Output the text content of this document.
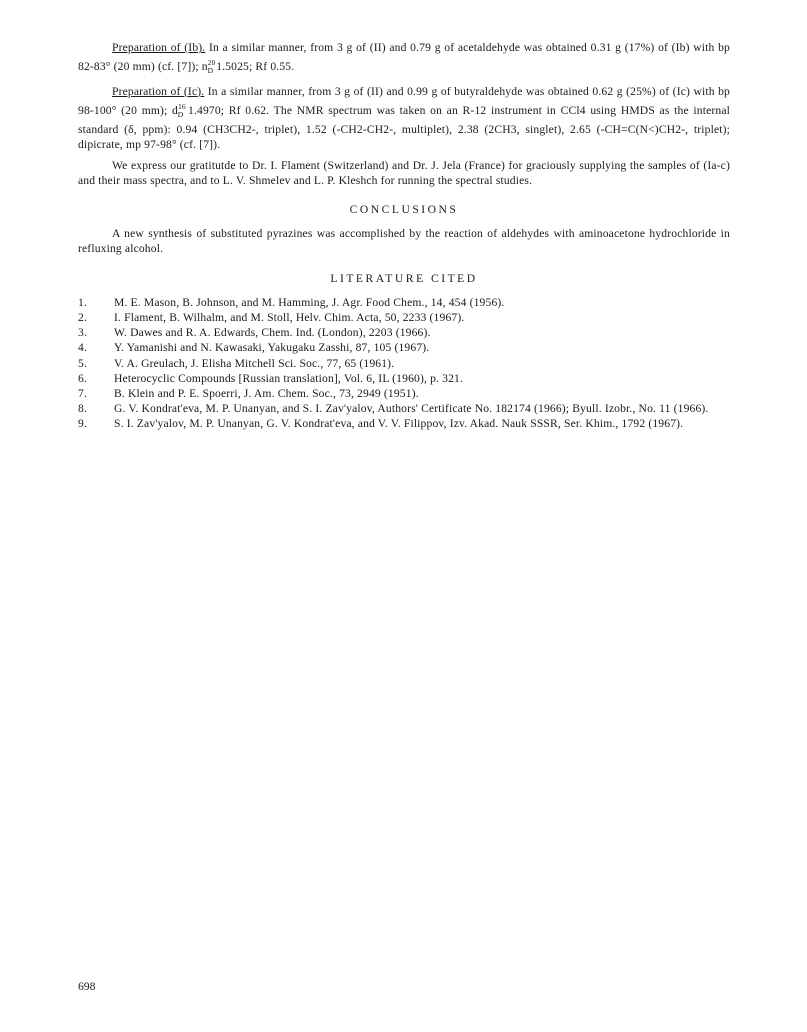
Preparation of (Ib). In a similar manner, from 3 g of (II) and 0.79 g of acetaldehyde was obtained 0.31 g (17%) of (Ib) with bp 82-83° (20 mm) (cf. [7]); $n^{20}_D$ 1.5025; Rf 0.55.

Preparation of (Ic). In a similar manner, from 3 g of (II) and 0.99 g of butyraldehyde was obtained 0.62 g (25%) of (Ic) with bp 98-100° (20 mm); $d^{16}_D$ 1.4970; Rf 0.62. The NMR spectrum was taken on an R-12 instrument in CCl4 using HMDS as the internal standard (δ, ppm): 0.94 (CH3CH2-, triplet), 1.52 (-CH2-CH2-, multiplet), 2.38 (2CH3, singlet), 2.65 (-CH=C(N<)CH2-, triplet); dipicrate, mp 97-98° (cf. [7]).

We express our gratitutde to Dr. I. Flament (Switzerland) and Dr. J. Jela (France) for graciously supplying the samples of (Ia-c) and their mass spectra, and to L. V. Shmelev and L. P. Kleshch for running the spectral studies.

CONCLUSIONS

A new synthesis of substituted pyrazines was accomplished by the reaction of aldehydes with aminoacetone hydrochloride in refluxing alcohol.

LITERATURE CITED
1.	M. E. Mason, B. Johnson, and M. Hamming, J. Agr. Food Chem., 14, 454 (1956).
2.	I. Flament, B. Wilhalm, and M. Stoll, Helv. Chim. Acta, 50, 2233 (1967).
3.	W. Dawes and R. A. Edwards, Chem. Ind. (London), 2203 (1966).
4.	Y. Yamanishi and N. Kawasaki, Yakugaku Zasshi, 87, 105 (1967).
5.	V. A. Greulach, J. Elisha Mitchell Sci. Soc., 77, 65 (1961).
6.	Heterocyclic Compounds [Russian translation], Vol. 6, IL (1960), p. 321.
7.	B. Klein and P. E. Spoerri, J. Am. Chem. Soc., 73, 2949 (1951).
8.	G. V. Kondrat'eva, M. P. Unanyan, and S. I. Zav'yalov, Authors' Certificate No. 182174 (1966); Byull. Izobr., No. 11 (1966).
9.	S. I. Zav'yalov, M. P. Unanyan, G. V. Kondrat'eva, and V. V. Filippov, Izv. Akad. Nauk SSSR, Ser. Khim., 1792 (1967).
698
